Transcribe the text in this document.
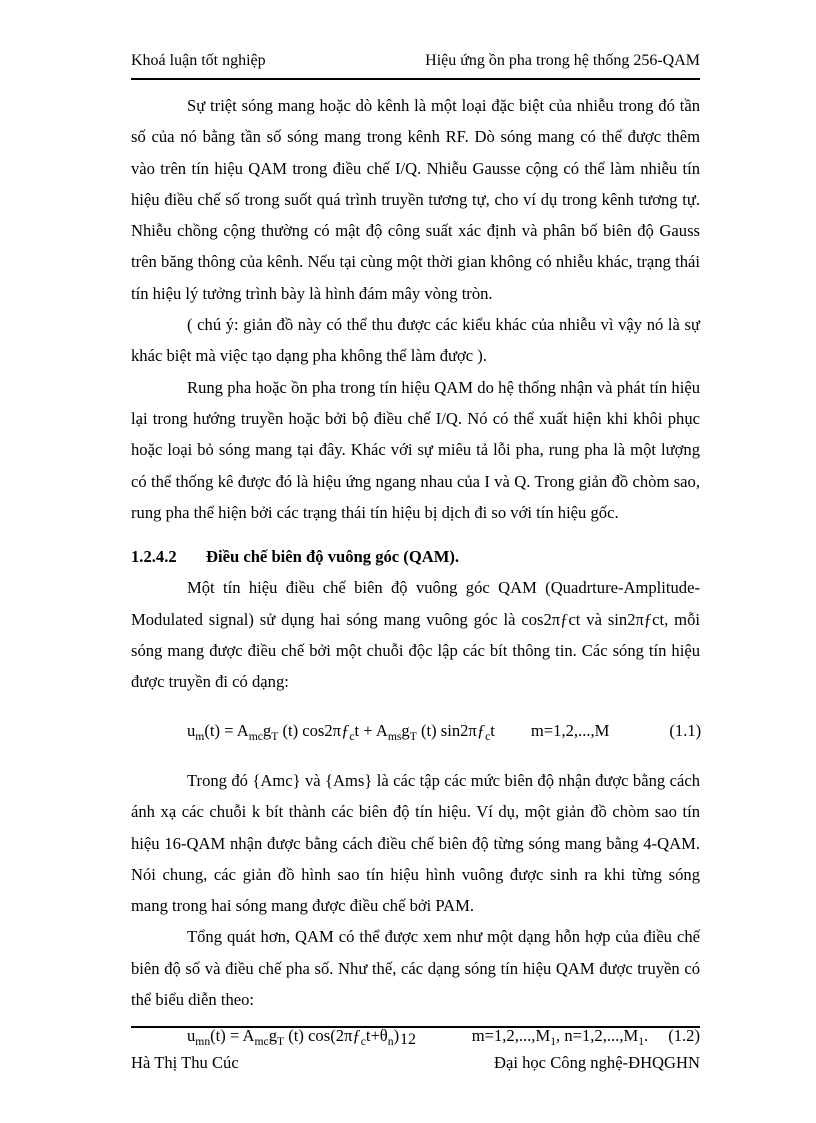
Khoá luận tốt nghiệp	Hiệu ứng ồn pha trong hệ thống 256-QAM

Sự triệt sóng mang hoặc dò kênh là một loại đặc biệt của nhiễu trong đó tần số của nó bằng tần số sóng mang trong kênh RF. Dò sóng mang có thể được thêm vào trên tín hiệu QAM trong điều chế I/Q. Nhiễu Gausse cộng có thể làm nhiễu tín hiệu điều chế số trong suốt quá trình truyền tương tự, cho ví dụ trong kênh tương tự. Nhiễu chồng cộng thường có mật độ công suất xác định và phân bố biên độ Gauss trên băng thông của kênh. Nếu tại cùng một thời gian không có nhiễu khác, trạng thái tín hiệu lý tưởng trình bày là hình đám mây vòng tròn.

( chú ý: giản đồ này có thể thu được các kiểu khác của nhiễu vì vậy nó là sự khác biệt mà việc tạo dạng pha không thể làm được ).

Rung pha hoặc ồn pha trong tín hiệu QAM do hệ thống nhận và phát tín hiệu lại trong hướng truyền hoặc bởi bộ điều chế I/Q. Nó có thể xuất hiện khi khôi phục hoặc loại bỏ sóng mang tại đây. Khác với sự miêu tả lỗi pha, rung pha là một lượng có thể thống kê được đó là hiệu ứng ngang nhau của I và Q. Trong giản đồ chòm sao, rung pha thể hiện bởi các trạng thái tín hiệu bị dịch đi so với tín hiệu gốc.

1.2.4.2	Điều chế biên độ vuông góc (QAM).

Một tín hiệu điều chế biên độ vuông góc QAM (Quadrture-Amplitude-Modulated signal) sử dụng hai sóng mang vuông góc là cos2πƒct và sin2πƒct, mỗi sóng mang được điều chế bởi một chuỗi độc lập các bít thông tin. Các sóng tín hiệu được truyền đi có dạng:

$u_m(t) = A_{mc}g_T$ (t) $\cos 2\pi ƒ_ct + A_{ms}g_T$ (t) $\sin 2\pi ƒ_ct$ m=1,2,...,M	(1.1)

Trong đó {Amc} và {Ams} là các tập các mức biên độ nhận được bằng cách ánh xạ các chuỗi k bít thành các biên độ tín hiệu. Ví dụ, một giản đồ chòm sao tín hiệu 16-QAM nhận được bằng cách điều chế biên độ từng sóng mang bằng 4-QAM. Nói chung, các giản đồ hình sao tín hiệu hình vuông được sinh ra khi từng sóng mang trong hai sóng mang được điều chế bởi PAM.

Tổng quát hơn, QAM có thể được xem như một dạng hỗn hợp của điều chế biên độ số và điều chế pha số. Như thế, các dạng sóng tín hiệu QAM được truyền có thể biểu diễn theo:

$u_{mn}(t) = A_{mc}g_T$ (t) $\cos(2\pi ƒ_ct+\theta_n)$	$m=1,2,...,M_1$, $n=1,2,...,M_1$. (1.2)
12
Hà Thị Thu Cúc	Đại học Công nghệ-ĐHQGHN
